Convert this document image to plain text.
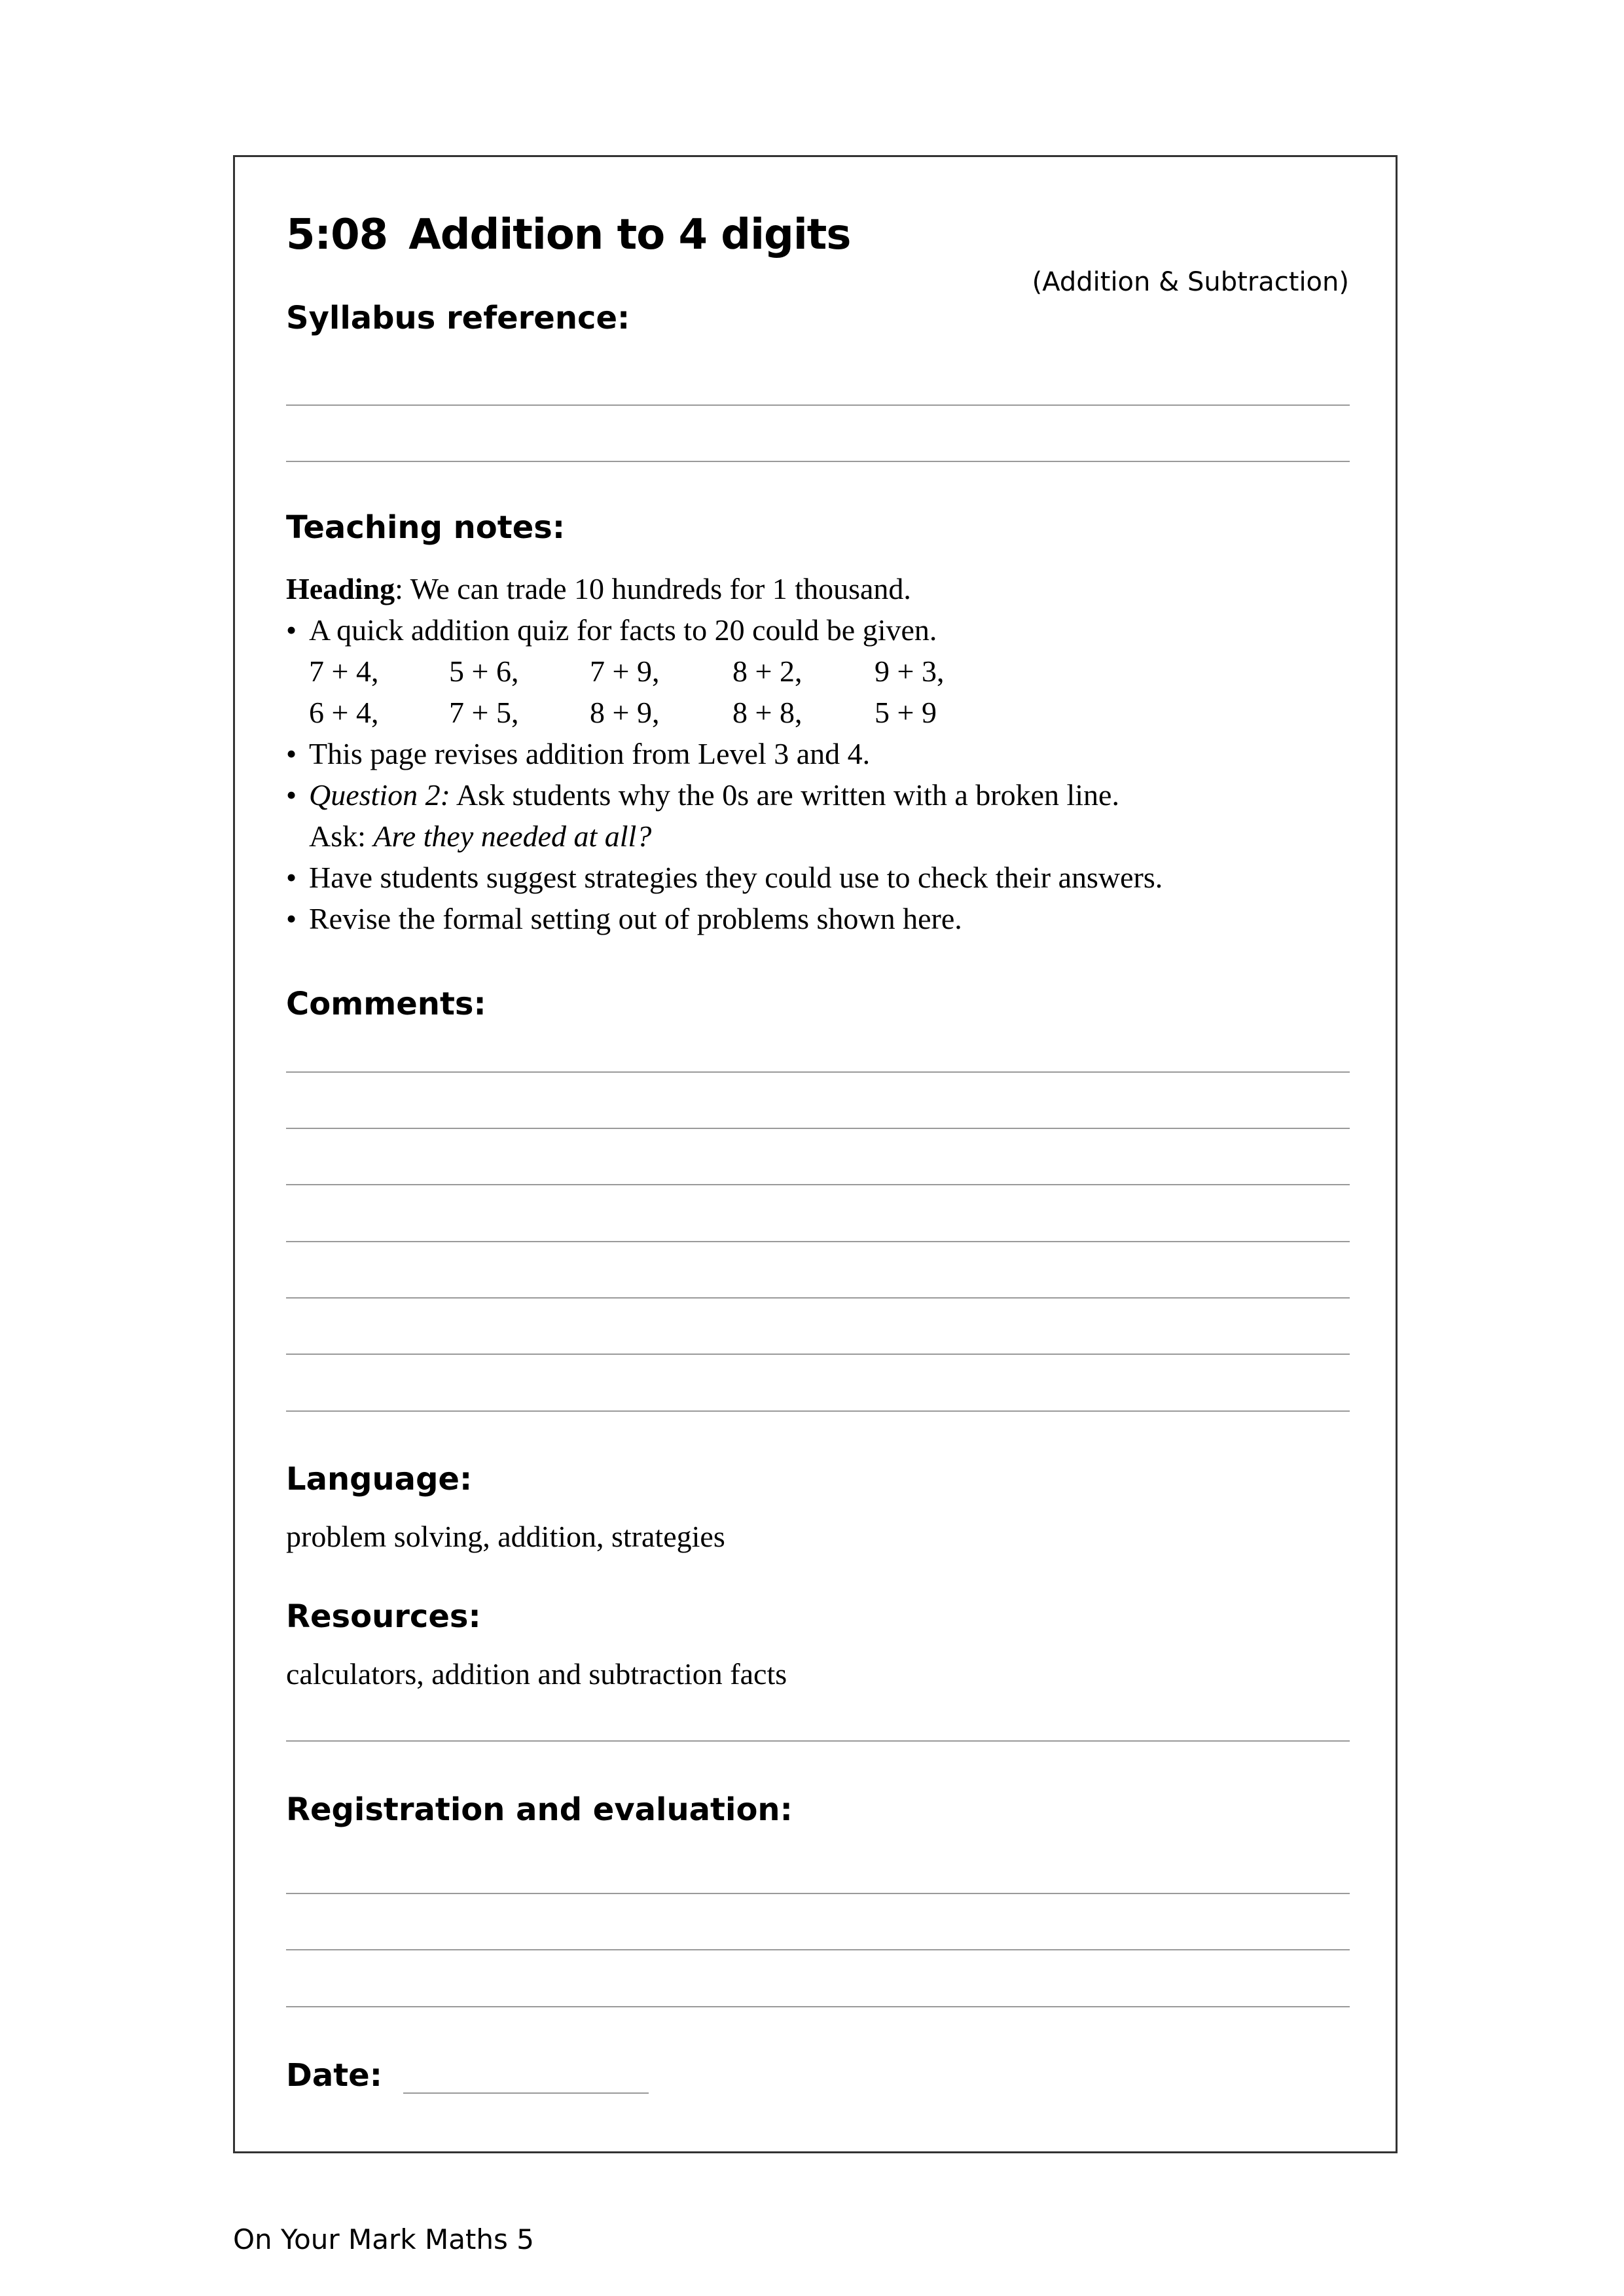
5:08 Addition to 4 digits
(Addition & Subtraction)
Syllabus reference:
Teaching notes:
Heading: We can trade 10 hundreds for 1 thousand.
• A quick addition quiz for facts to 20 could be given.
7 + 4, 5 + 6, 7 + 9, 8 + 2, 9 + 3,
6 + 4, 7 + 5, 8 + 9, 8 + 8, 5 + 9
• This page revises addition from Level 3 and 4.
• Question 2: Ask students why the 0s are written with a broken line.
Ask: Are they needed at all?
• Have students suggest strategies they could use to check their answers.
• Revise the formal setting out of problems shown here.
Comments:
Language:
problem solving, addition, strategies
Resources:
calculators, addition and subtraction facts
Registration and evaluation:
Date:
On Your Mark Maths 5
